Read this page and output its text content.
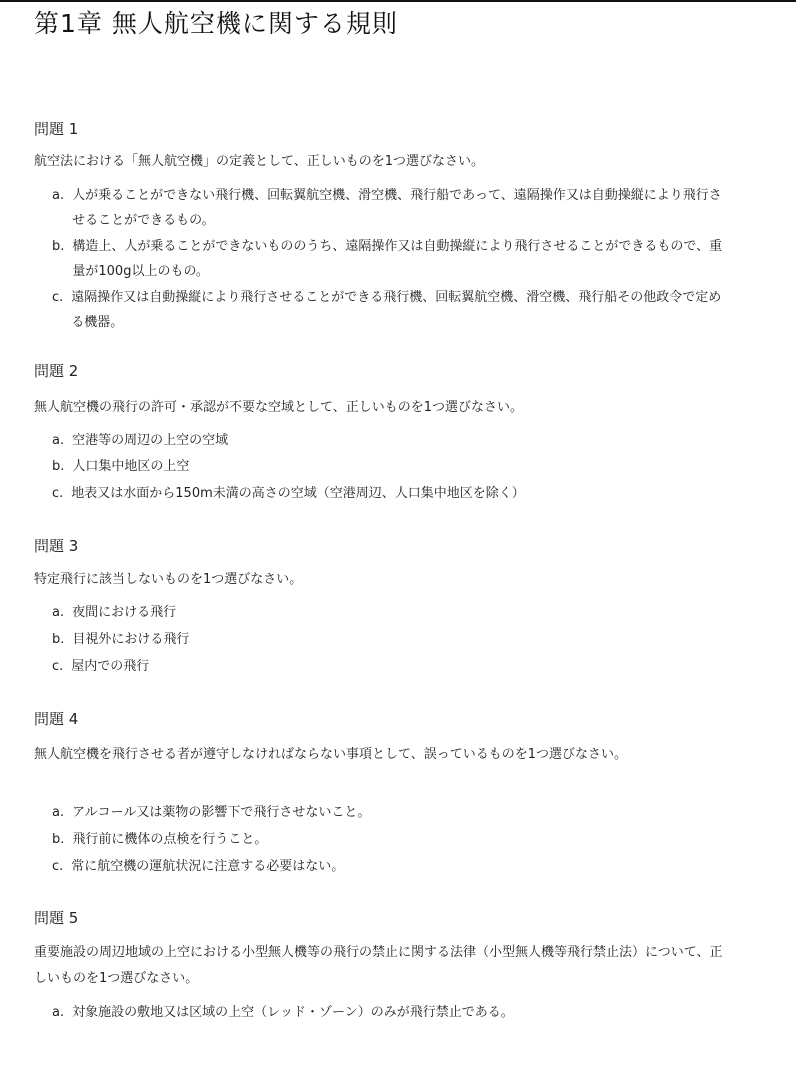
第1章 無人航空機に関する規則
問題 1
航空法における「無人航空機」の定義として、正しいものを1つ選びなさい。
a. 人が乗ることができない飛行機、回転翼航空機、滑空機、飛行船であって、遠隔操作又は自動操縦により飛行させることができるもの。
b. 構造上、人が乗ることができないもののうち、遠隔操作又は自動操縦により飛行させることができるもので、重量が100g以上のもの。
c. 遠隔操作又は自動操縦により飛行させることができる飛行機、回転翼航空機、滑空機、飛行船その他政令で定める機器。
問題 2
無人航空機の飛行の許可・承認が不要な空域として、正しいものを1つ選びなさい。
a. 空港等の周辺の上空の空域
b. 人口集中地区の上空
c. 地表又は水面から150m未満の高さの空域（空港周辺、人口集中地区を除く）
問題 3
特定飛行に該当しないものを1つ選びなさい。
a. 夜間における飛行
b. 目視外における飛行
c. 屋内での飛行
問題 4
無人航空機を飛行させる者が遵守しなければならない事項として、誤っているものを1つ選びなさい。
a. アルコール又は薬物の影響下で飛行させないこと。
b. 飛行前に機体の点検を行うこと。
c. 常に航空機の運航状況に注意する必要はない。
問題 5
重要施設の周辺地域の上空における小型無人機等の飛行の禁止に関する法律（小型無人機等飛行禁止法）について、正しいものを1つ選びなさい。
a. 対象施設の敷地又は区域の上空（レッド・ゾーン）のみが飛行禁止である。
